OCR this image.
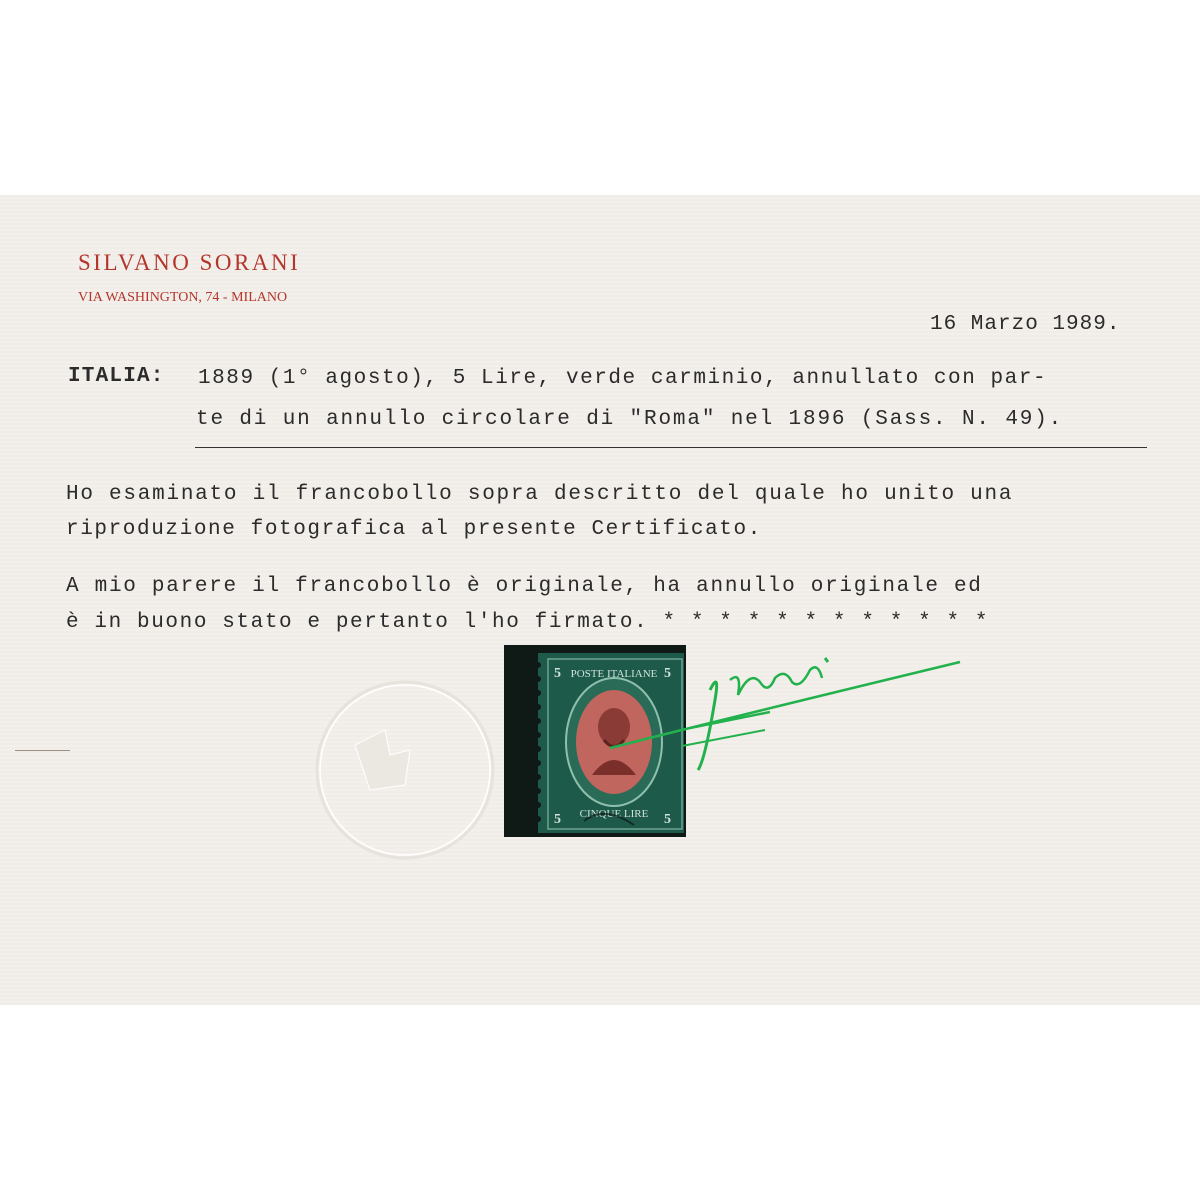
SILVANO SORANI
VIA WASHINGTON, 74 - MILANO
16 Marzo 1989.
ITALIA: 1889 (1° agosto), 5 Lire, verde carminio, annullato con par-
te di un annullo circolare di "Roma" nel 1896 (Sass. N. 49).
Ho esaminato il francobollo sopra descritto del quale ho unito una
riproduzione fotografica al presente Certificato.
A mio parere il francobollo è originale, ha annullo originale ed
è in buono stato e pertanto l'ho firmato. * * * * * * * * * * * *
POSTE ITALIANE
CINQUE LIRE
5	5
5	5
